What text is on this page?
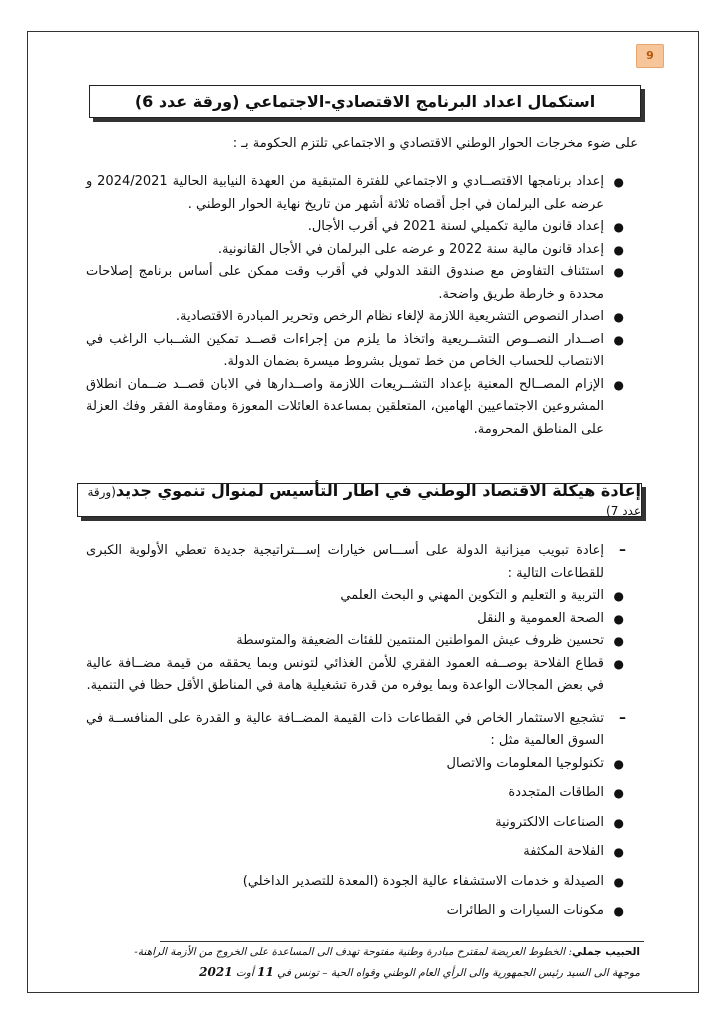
9
استكمال اعداد البرنامج الاقتصادي-الاجتماعي (ورقة عدد 6)
على ضوء مخرجات الحوار الوطني الاقتصادي و الاجتماعي تلتزم الحكومة بـ :
●
إعداد برنامجها الاقتصــادي و الاجتماعي للفترة المتبقية من العهدة النيابية الحالية 2024/2021 و عرضه على البرلمان في اجل أقصاه ثلاثة أشهر من تاريخ نهاية الحوار الوطني .
●
إعداد قانون مالية تكميلي لسنة 2021 في أقرب الأجال.
●
إعداد قانون مالية سنة 2022 و عرضه على البرلمان في الأجال القانونية.
●
استئناف التفاوض مع صندوق النقد الدولي في أقرب وقت ممكن على أساس برنامج إصلاحات محددة و خارطة طريق واضحة.
●
اصدار النصوص التشريعية اللازمة لإلغاء نظام الرخص وتحرير المبادرة الاقتصادية.
●
اصــدار النصــوص التشــريعية واتخاذ ما يلزم من إجراءات قصــد تمكين الشــباب الراغب في الانتصاب للحساب الخاص من خط تمويل بشروط ميسرة بضمان الدولة.
●
الإزام المصــالح المعنية بإعداد التشــريعات اللازمة واصــدارها في الابان قصــد ضــمان انطلاق المشروعين الاجتماعيين الهامين، المتعلقين بمساعدة العائلات المعوزة ومقاومة الفقر وفك العزلة على المناطق المحرومة.
إعادة هيكلة الاقتصاد الوطني في اطار التأسيس لمنوال تنموي جديد(ورقة عدد 7)
–
إعادة تبويب ميزانية الدولة على أســـاس خيارات إســـتراتيجية جديدة تعطي الأولوية الكبرى للقطاعات التالية :
●
التربية و التعليم و التكوين المهني و البحث العلمي
●
الصحة العمومية و النقل
●
تحسين ظروف عيش المواطنين المنتمين للفئات الضعيفة والمتوسطة
●
قطاع الفلاحة بوصــفه العمود الفقري للأمن الغذائي لتونس وبما يحققه من قيمة مضــافة عالية في بعض المجالات الواعدة وبما يوفره من قدرة تشغيلية هامة في المناطق الأقل حظا في التنمية.
–
تشجيع الاستثمار الخاص في القطاعات ذات القيمة المضــافة عالية و القدرة على المنافســة في السوق العالمية مثل :
●
تكنولوجيا المعلومات والاتصال
●
الطاقات المتجددة
●
الصناعات الالكترونية
●
الفلاحة المكثفة
●
الصيدلة و خدمات الاستشفاء عالية الجودة (المعدة للتصدير الداخلي)
●
مكونات السيارات و الطائرات
الحبيب جملي: الخطوط العريضة لمقترح مبادرة وطنية مفتوحة تهدف الى المساعدة على الخروج من الأزمة الراهنة-
موجهة الى السيد رئيس الجمهورية والى الرأي العام الوطني وقواه الحية – تونس في 11 أوت 2021
